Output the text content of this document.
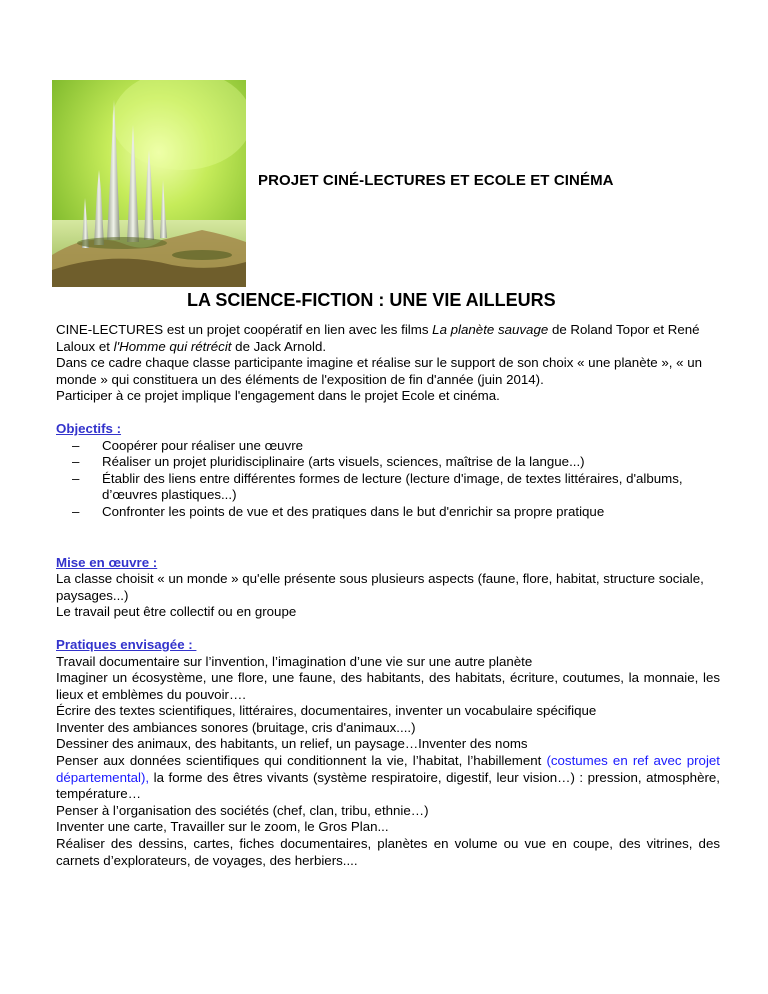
PROJET CINÉ-LECTURES ET ECOLE ET CINÉMA
LA SCIENCE-FICTION : UNE VIE AILLEURS

CINE-LECTURES est un projet coopératif en lien avec les films La planète sauvage de Roland Topor et René Laloux et l'Homme qui rétrécit de Jack Arnold.

Dans ce cadre chaque classe participante imagine et réalise sur le support de son choix « une planète », « un monde » qui constituera un des éléments de l'exposition de fin d'année (juin 2014).

Participer à ce projet implique l'engagement dans le projet Ecole et cinéma.

Objectifs :

– Coopérer pour réaliser une œuvre
– Réaliser un projet pluridisciplinaire (arts visuels, sciences, maîtrise de la langue...)
– Établir des liens entre différentes formes de lecture (lecture d'image, de textes littéraires, d'albums, d’œuvres plastiques...)
– Confronter les points de vue et des pratiques dans le but d'enrichir sa propre pratique

Mise en œuvre :

La classe choisit « un monde » qu'elle présente sous plusieurs aspects (faune, flore, habitat, structure sociale, paysages...)

Le travail peut être collectif ou en groupe

Pratiques envisagée :

Travail documentaire sur l’invention, l’imagination d’une vie sur une autre planète

Imaginer un écosystème, une flore, une faune, des habitants, des habitats, écriture, coutumes, la monnaie, les lieux et emblèmes du pouvoir….

Écrire des textes scientifiques, littéraires, documentaires, inventer un vocabulaire spécifique

Inventer des ambiances sonores (bruitage, cris d'animaux....)

Dessiner des animaux, des habitants, un relief, un paysage…Inventer des noms

Penser aux données scientifiques qui conditionnent la vie, l’habitat, l’habillement (costumes en ref avec projet départemental), la forme des êtres vivants (système respiratoire, digestif, leur vision…) : pression, atmosphère, température…

Penser à l’organisation des sociétés (chef, clan, tribu, ethnie…)

Inventer une carte, Travailler sur le zoom, le Gros Plan...

Réaliser des dessins, cartes, fiches documentaires, planètes en volume ou vue en coupe, des vitrines, des carnets d’explorateurs, de voyages, des herbiers....
